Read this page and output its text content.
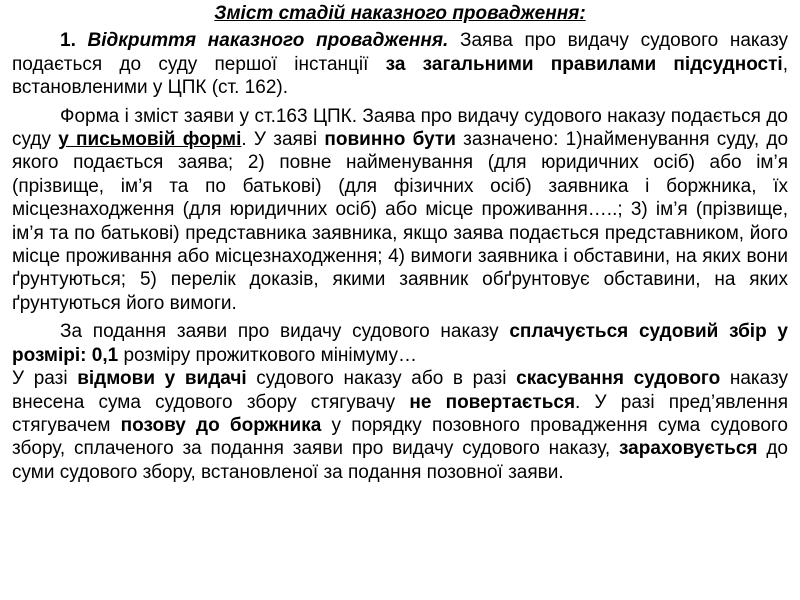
Зміст стадій наказного провадження:

1. Відкриття наказного провадження. Заява про видачу судового наказу подається до суду першої інстанції за загальними правилами підсудності, встановленими у ЦПК (ст. 162).

Форма і зміст заяви у ст.163 ЦПК. Заява про видачу судового наказу подається до суду у письмовій формі. У заяві повинно бути зазначено: 1)найменування суду, до якого подається заява; 2) повне найменування (для юридичних осіб) або ім’я (прізвище, ім’я та по батькові) (для фізичних осіб) заявника і боржника, їх місцезнаходження (для юридичних осіб) або місце проживання…..; 3) ім’я (прізвище, ім’я та по батькові) представника заявника, якщо заява подається представником, його місце проживання або місцезнаходження; 4) вимоги заявника і обставини, на яких вони ґрунтуються; 5) перелік доказів, якими заявник обґрунтовує обставини, на яких ґрунтуються його вимоги.

За подання заяви про видачу судового наказу сплачується судовий збір у розмірі: 0,1 розміру прожиткового мінімуму…

У разі відмови у видачі судового наказу або в разі скасування судового наказу внесена сума судового збору стягувачу не повертається. У разі пред’явлення стягувачем позову до боржника у порядку позовного провадження сума судового збору, сплаченого за подання заяви про видачу судового наказу, зараховується до суми судового збору, встановленої за подання позовної заяви.
